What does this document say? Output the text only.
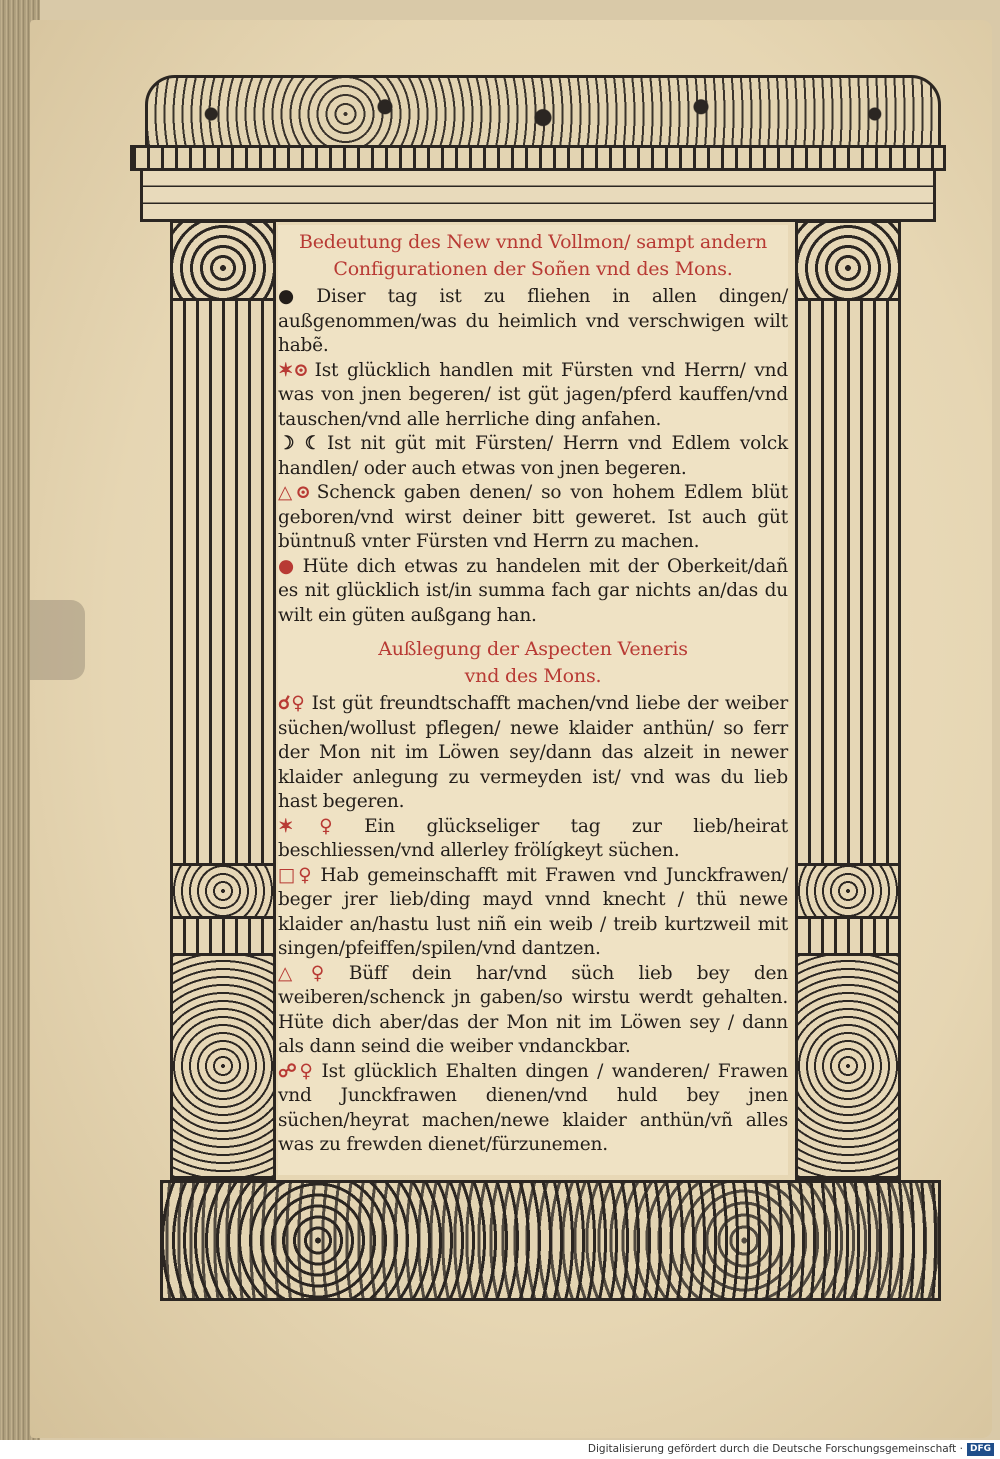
Bedeutung des New vnnd Vollmon/ sampt andern
Configurationen der Soñen vnd des Mons.

● Diser tag ist zu fliehen in allen dingen/ außgenommen/was du heimlich vnd verschwigen wilt habẽ.

✶⊙ Ist glücklich handlen mit Fürsten vnd Herrn/ vnd was von jnen begeren/ ist güt jagen/pferd kauffen/vnd tauschen/vnd alle herrliche ding anfahen.

☽ ☾ Ist nit güt mit Fürsten/ Herrn vnd Edlem volck handlen/ oder auch etwas von jnen begeren.

△⊙ Schenck gaben denen/ so von hohem Edlem blüt geboren/vnd wirst deiner bitt geweret. Ist auch güt büntnuß vnter Fürsten vnd Herrn zu machen.

● Hüte dich etwas zu handelen mit der Oberkeit/dañ es nit glücklich ist/in summa fach gar nichts an/das du wilt ein güten außgang han.

Außlegung der Aspecten Veneris
vnd des Mons.

☌♀ Ist güt freundtschafft machen/vnd liebe der weiber süchen/wollust pflegen/ newe klaider anthün/ so ferr der Mon nit im Löwen sey/dann das alzeit in newer klaider anlegung zu vermeyden ist/ vnd was du lieb hast begeren.

✶♀ Ein glückseliger tag zur lieb/heirat beschliessen/vnd allerley frölígkeyt süchen.

□♀ Hab gemeinschafft mit Frawen vnd Junckfrawen/ beger jrer lieb/ding mayd vnnd knecht / thü newe klaider an/hastu lust niñ ein weib / treib kurtzweil mit singen/pfeiffen/spilen/vnd dantzen.

△♀ Büff dein har/vnd süch lieb bey den weiberen/schenck jn gaben/so wirstu werdt gehalten. Hüte dich aber/das der Mon nit im Löwen sey / dann als dann seind die weiber vndanckbar.

☍♀ Ist glücklich Ehalten dingen / wanderen/ Frawen vnd Junckfrawen dienen/vnd huld bey jnen süchen/heyrat machen/newe klaider anthün/vñ alles was zu frewden dienet/fürzunemen.

Digitalisierung gefördert durch die Deutsche Forschungsgemeinschaft · DFG
